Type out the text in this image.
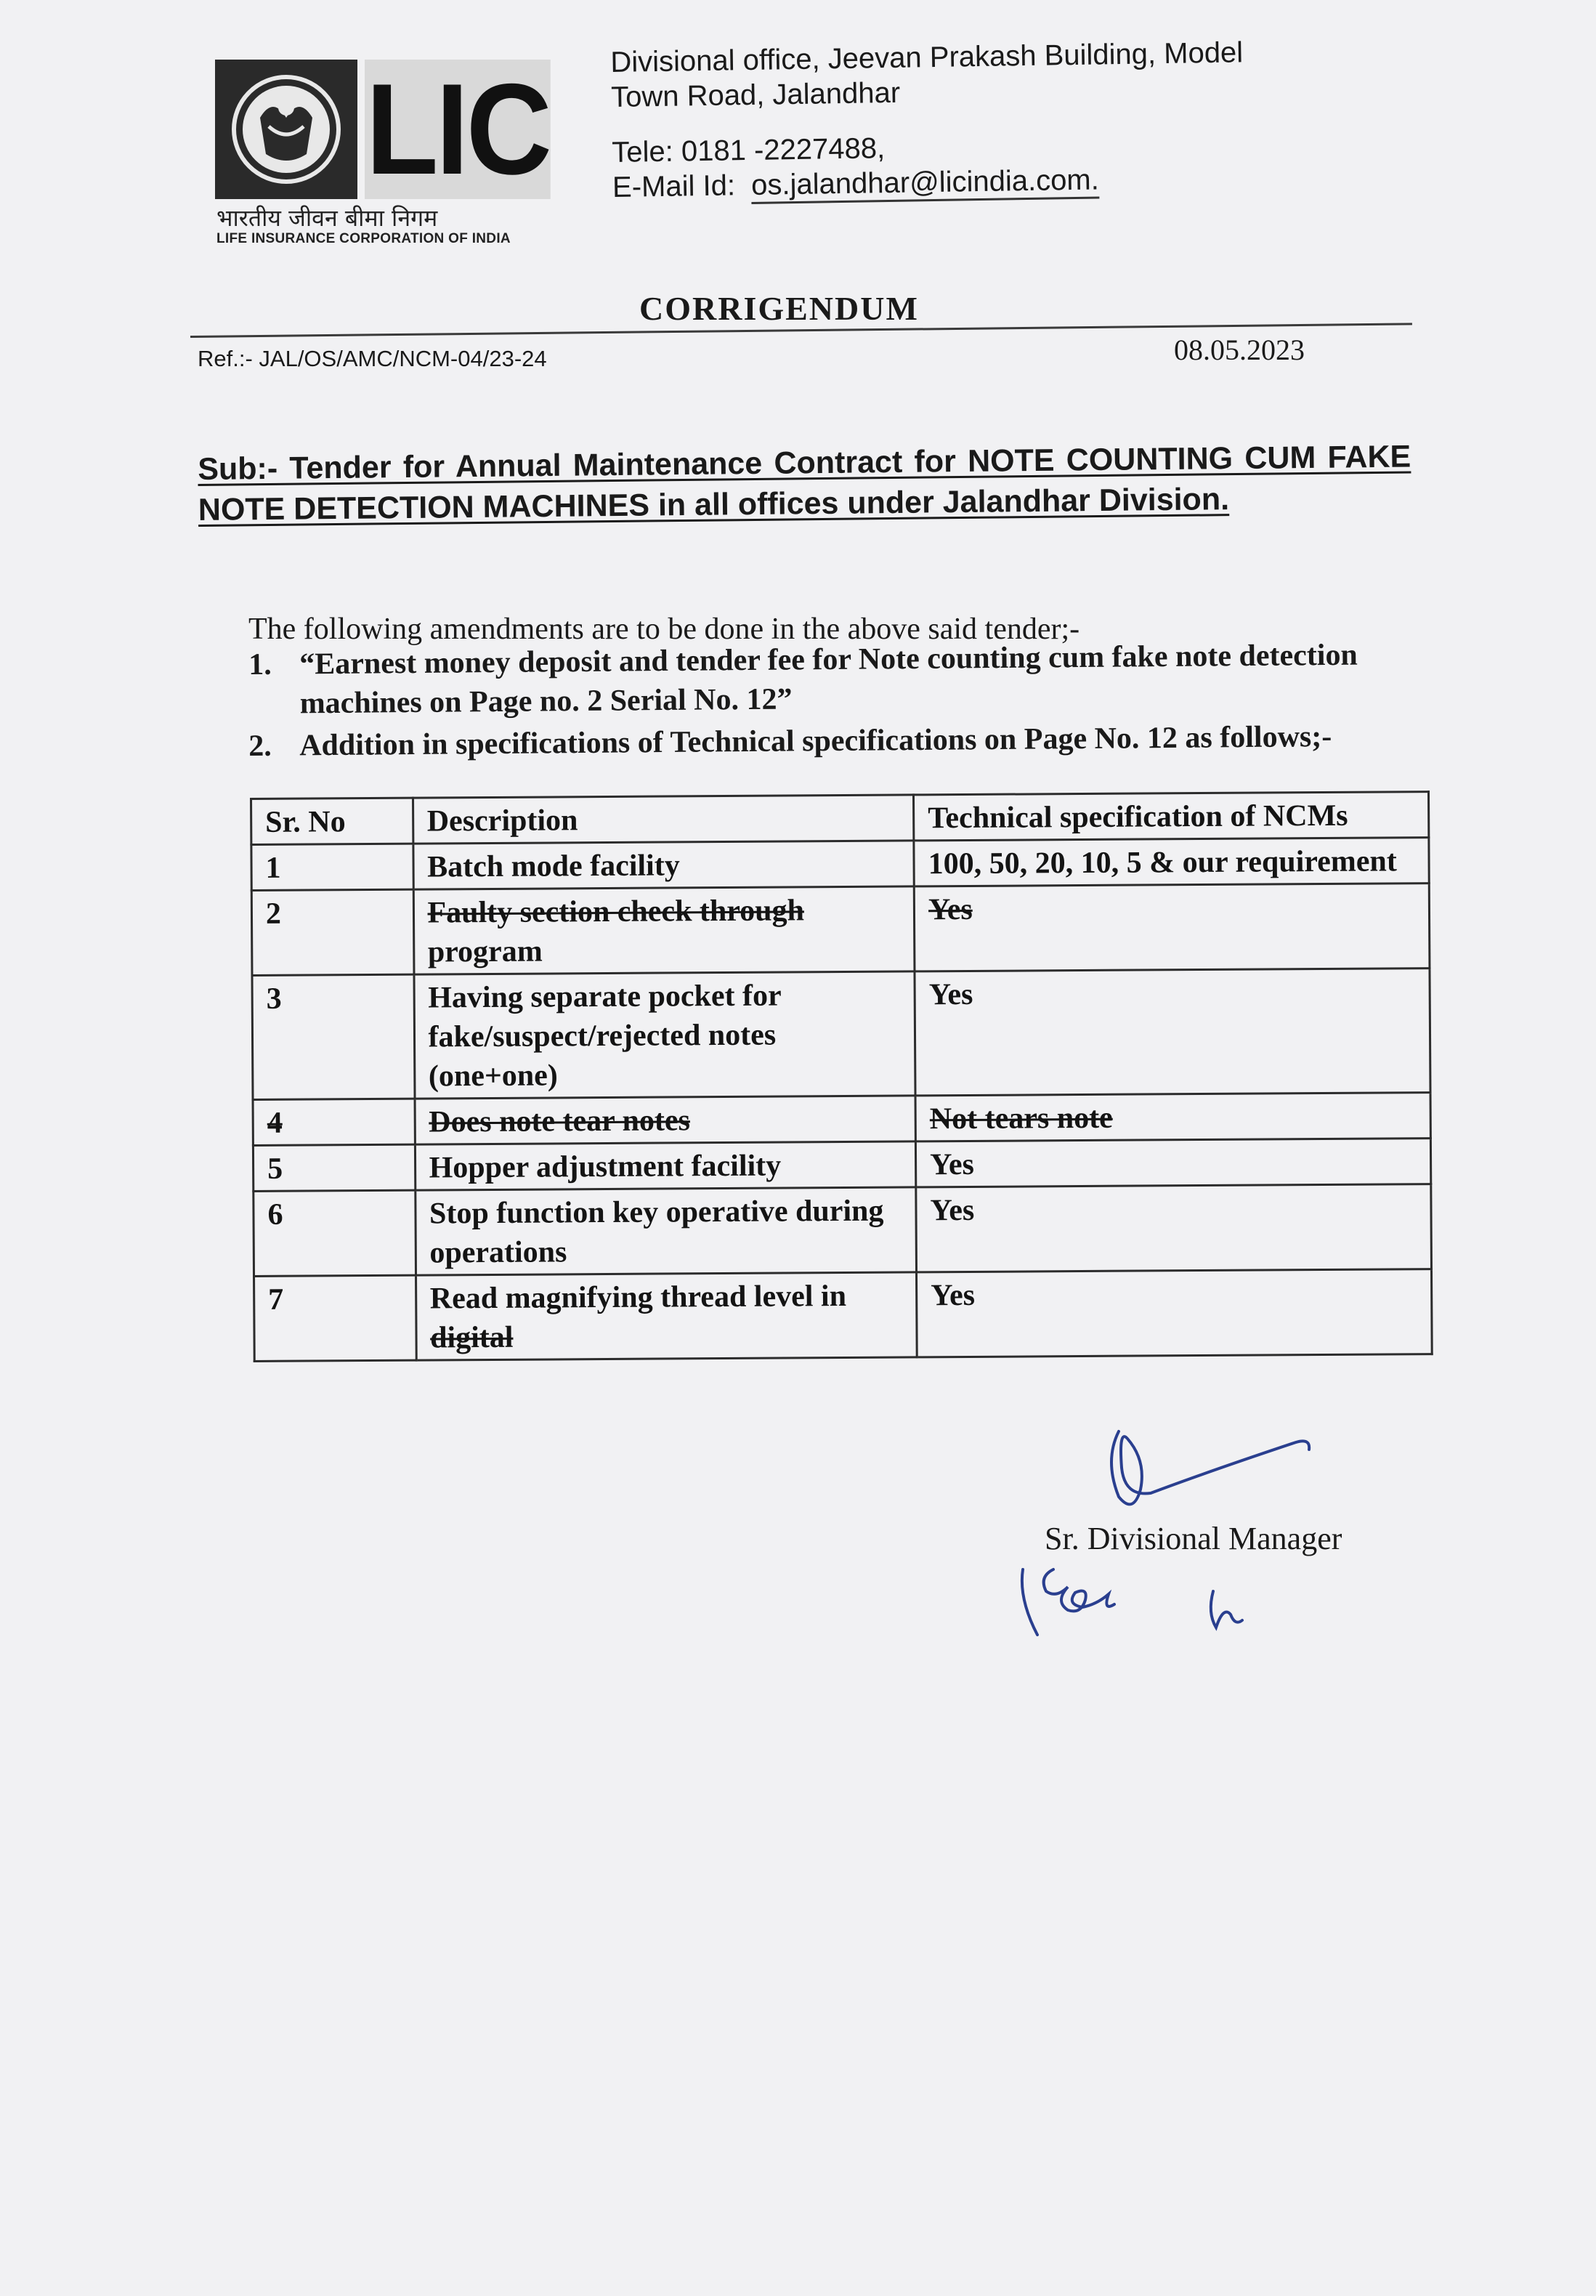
LIC
भारतीय जीवन बीमा निगम
LIFE INSURANCE CORPORATION OF INDIA
Divisional office, Jeevan Prakash Building, Model
Town Road, Jalandhar
Tele: 0181 -2227488,
E-Mail Id: os.jalandhar@licindia.com.
CORRIGENDUM
Ref.:- JAL/OS/AMC/NCM-04/23-24	08.05.2023
Sub:- Tender for Annual Maintenance Contract for NOTE COUNTING CUM FAKE NOTE DETECTION MACHINES in all offices under Jalandhar Division.
The following amendments are to be done in the above said tender;-
1. “Earnest money deposit and tender fee for Note counting cum fake note detection machines on Page no. 2 Serial No. 12”
2. Addition in specifications of Technical specifications on Page No. 12 as follows;-
Sr. No	Description	Technical specification of NCMs
1	Batch mode facility	100, 50, 20, 10, 5 & our requirement
2	Faulty section check through
program	Yes
3	Having separate pocket for fake/suspect/rejected notes (one+one)	Yes
4	Does note tear notes	Not tears note
5	Hopper adjustment facility	Yes
6	Stop function key operative during operations	Yes
7	Read magnifying thread level in
digital	Yes
Sr. Divisional Manager
